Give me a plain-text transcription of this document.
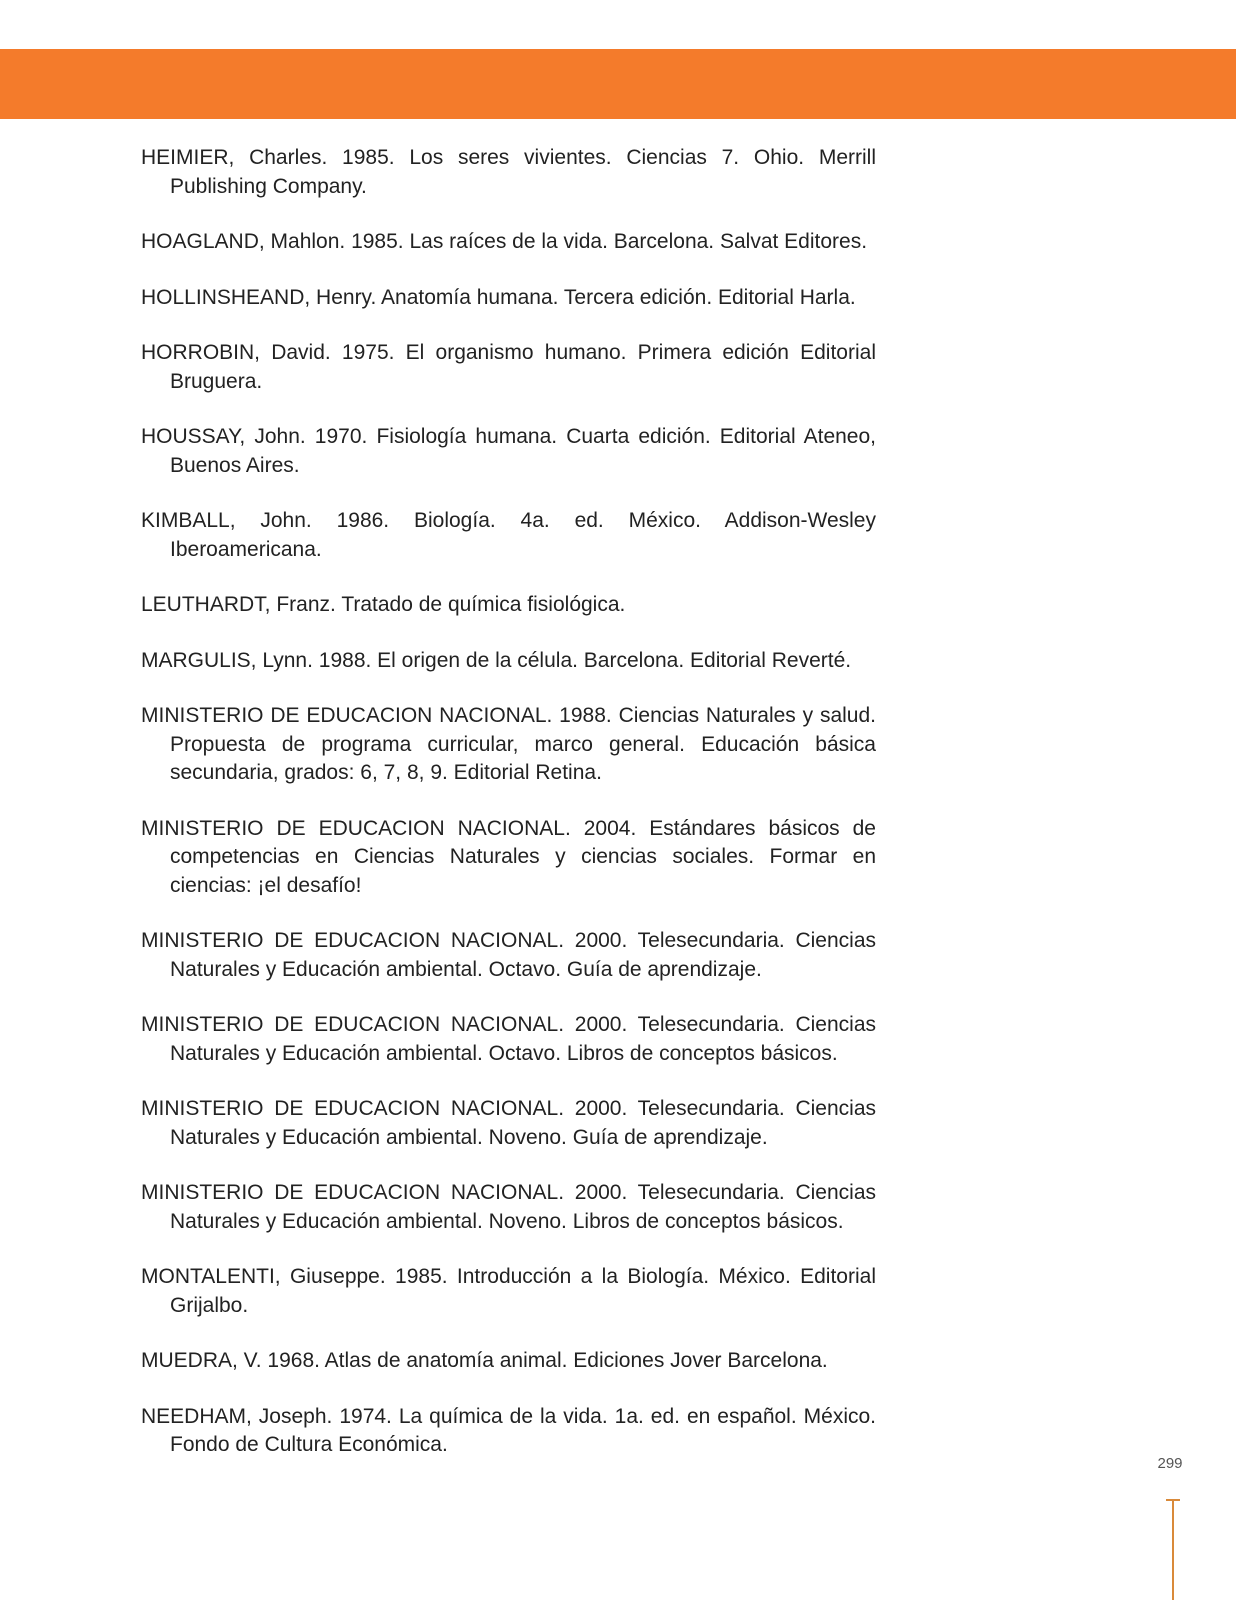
HEIMIER, Charles. 1985. Los seres vivientes. Ciencias 7. Ohio. Merrill Publishing Company.
HOAGLAND, Mahlon. 1985. Las raíces de la vida. Barcelona. Salvat Editores.
HOLLINSHEAND, Henry. Anatomía humana. Tercera edición. Editorial Harla.
HORROBIN, David. 1975. El organismo humano. Primera edición Editorial Bruguera.
HOUSSAY, John. 1970. Fisiología humana. Cuarta edición. Editorial Ateneo, Buenos Aires.
KIMBALL, John. 1986. Biología. 4a. ed. México. Addison-Wesley Iberoamericana.
LEUTHARDT, Franz. Tratado de química fisiológica.
MARGULIS, Lynn. 1988. El origen de la célula. Barcelona. Editorial Reverté.
MINISTERIO DE EDUCACION NACIONAL. 1988. Ciencias Naturales y salud. Propuesta de programa curricular, marco general. Educación básica secundaria, grados: 6, 7, 8, 9. Editorial Retina.
MINISTERIO DE EDUCACION NACIONAL. 2004. Estándares básicos de competencias en Ciencias Naturales y ciencias sociales. Formar en ciencias: ¡el desafío!
MINISTERIO DE EDUCACION NACIONAL. 2000. Telesecundaria. Ciencias Naturales y Educación ambiental. Octavo. Guía de aprendizaje.
MINISTERIO DE EDUCACION NACIONAL. 2000. Telesecundaria. Ciencias Naturales y Educación ambiental. Octavo. Libros de conceptos básicos.
MINISTERIO DE EDUCACION NACIONAL. 2000. Telesecundaria. Ciencias Naturales y Educación ambiental. Noveno. Guía de aprendizaje.
MINISTERIO DE EDUCACION NACIONAL. 2000. Telesecundaria. Ciencias Naturales y Educación ambiental. Noveno. Libros de conceptos básicos.
MONTALENTI, Giuseppe. 1985. Introducción a la Biología. México. Editorial Grijalbo.
MUEDRA, V. 1968. Atlas de anatomía animal. Ediciones Jover Barcelona.
NEEDHAM, Joseph. 1974. La química de la vida. 1a. ed. en español. México. Fondo de Cultura Económica.
299
